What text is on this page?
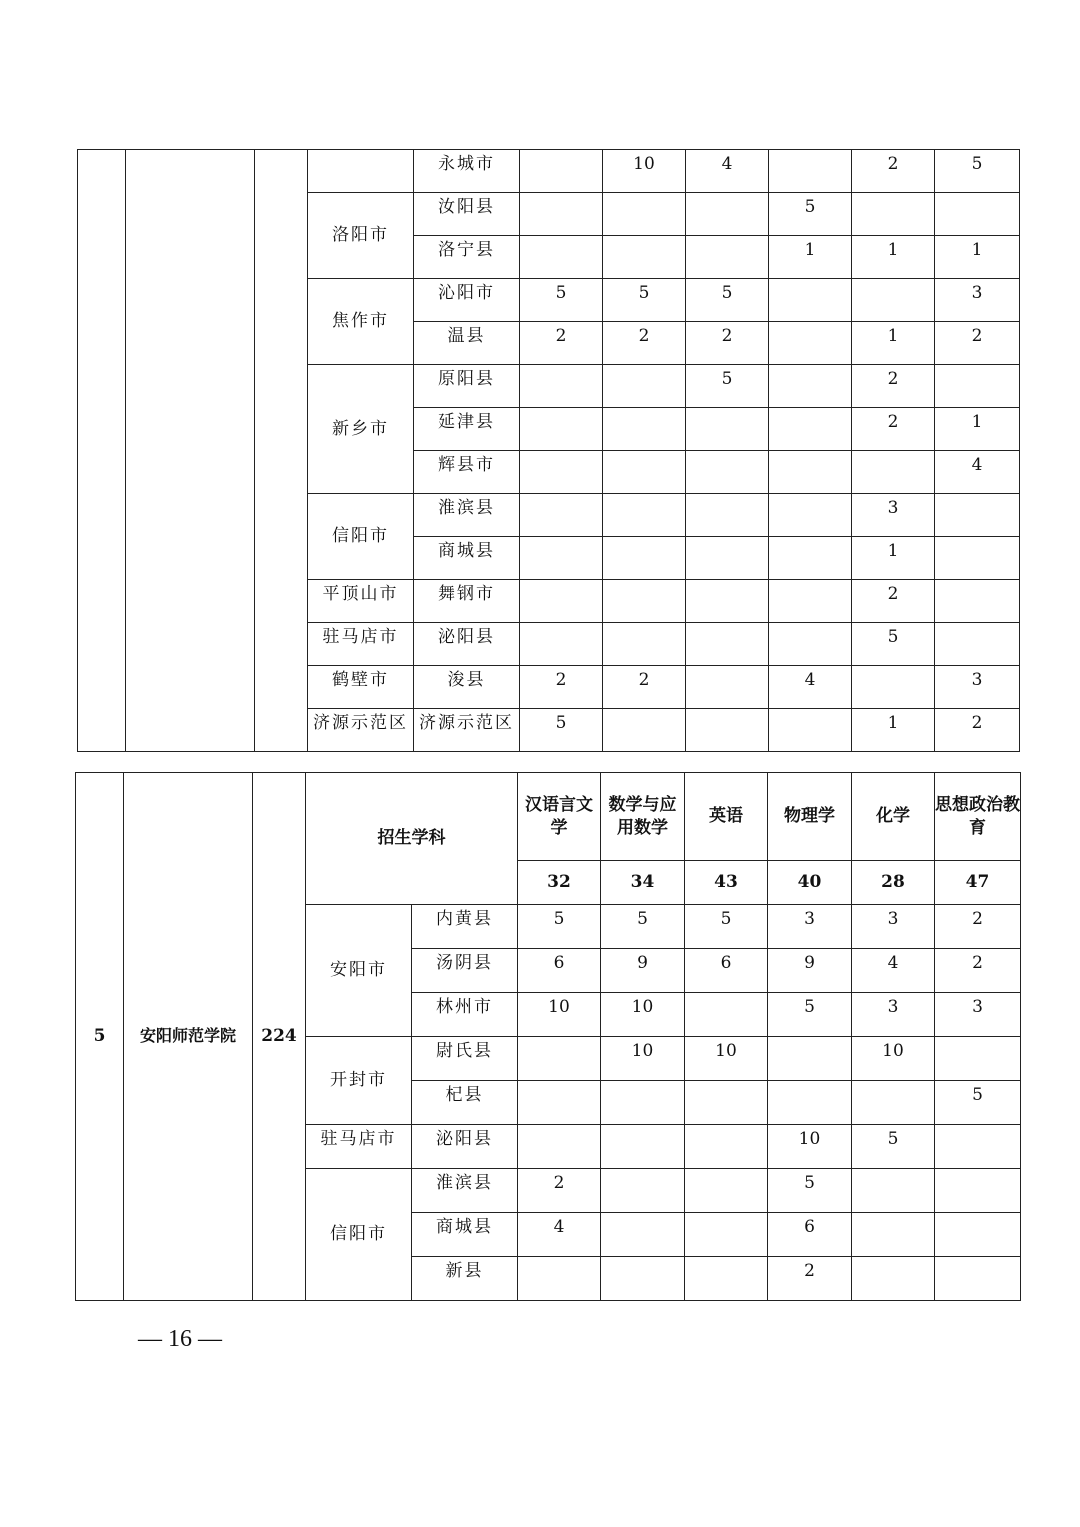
				永城市		10	4		2	5
			洛阳市	汝阳县				5		
				洛宁县				1	1	1
			焦作市	沁阳市	5	5	5			3
				温县	2	2	2		1	2
			新乡市	原阳县			5		2	
				延津县					2	1
				辉县市						4
			信阳市	淮滨县					3	
				商城县					1	
			平顶山市	舞钢市					2	
			驻马店市	泌阳县					5	
			鹤壁市	浚县	2	2		4		3
			济源示范区	济源示范区	5				1	2
5	安阳师范学院	224	招生学科		汉语言文学	数学与应用数学	英语	物理学	化学	思想政治教育
					32	34	43	40	28	47
			安阳市	内黄县	5	5	5	3	3	2
				汤阴县	6	9	6	9	4	2
				林州市	10	10		5	3	3
			开封市	尉氏县		10	10		10	
				杞县						5
			驻马店市	泌阳县				10	5	
			信阳市	淮滨县	2			5		
				商城县	4			6		
				新县				2		
— 16 —
